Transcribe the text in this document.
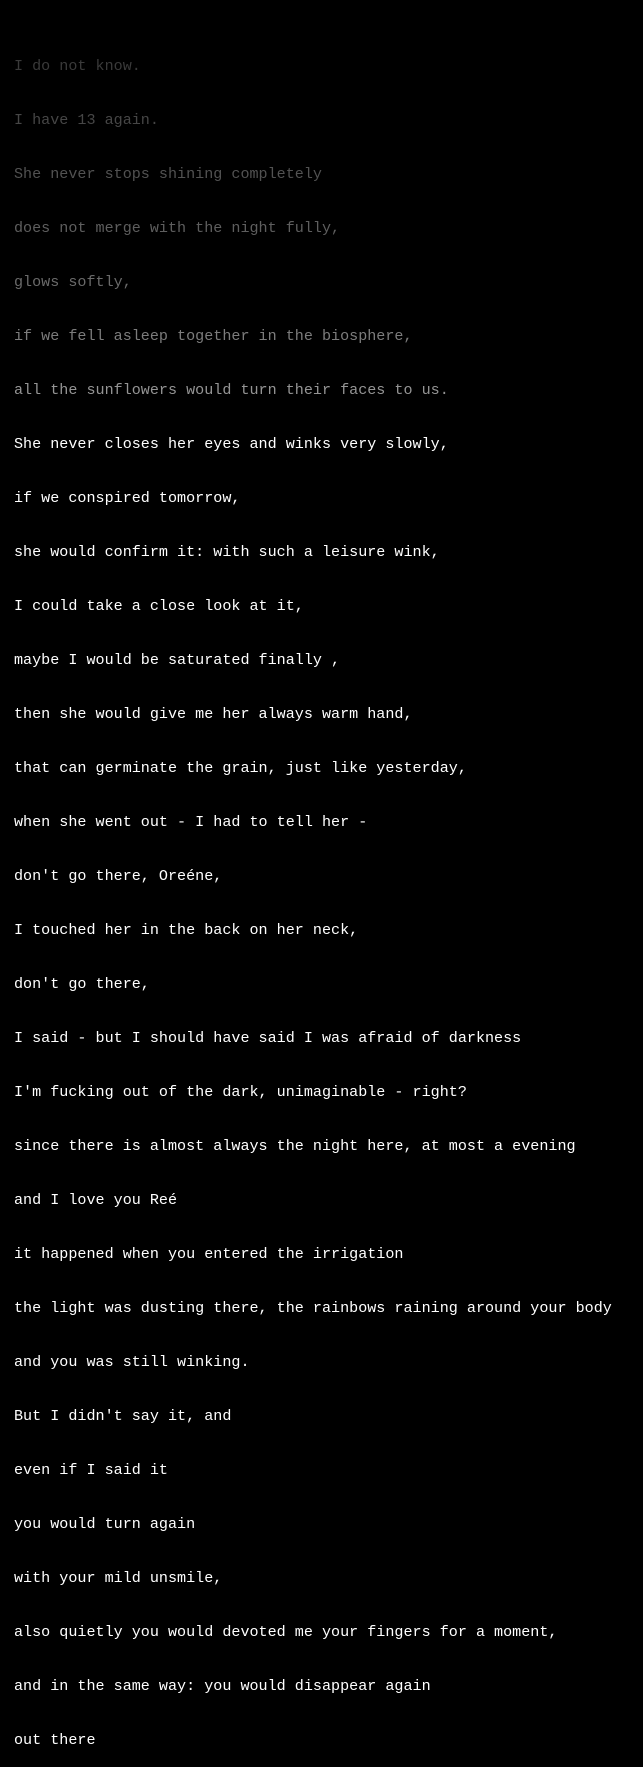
I do not know.

I have 13 again.

She never stops shining completely

does not merge with the night fully,

glows softly,

if we fell asleep together in the biosphere,

all the sunflowers would turn their faces to us.

She never closes her eyes and winks very slowly,

if we conspired tomorrow,

she would confirm it: with such a leisure wink,

I could take a close look at it,

maybe I would be saturated finally ,

then she would give me her always warm hand,

that can germinate the grain, just like yesterday,

when she went out - I had to tell her -

don't go there, Oreéne,

I touched her in the back on her neck,

don't go there,

I said - but I should have said I was afraid of darkness

I'm fucking out of the dark, unimaginable - right?

since there is almost always the night here, at most a evening

and I love you Reé

it happened when you entered the irrigation

the light was dusting there, the rainbows raining around your body

and you was still winking.

But I didn't say it, and

even if I said it

you would turn again

with your mild unsmile,

also quietly you would devoted me your fingers for a moment,

and in the same way: you would disappear again

out there
